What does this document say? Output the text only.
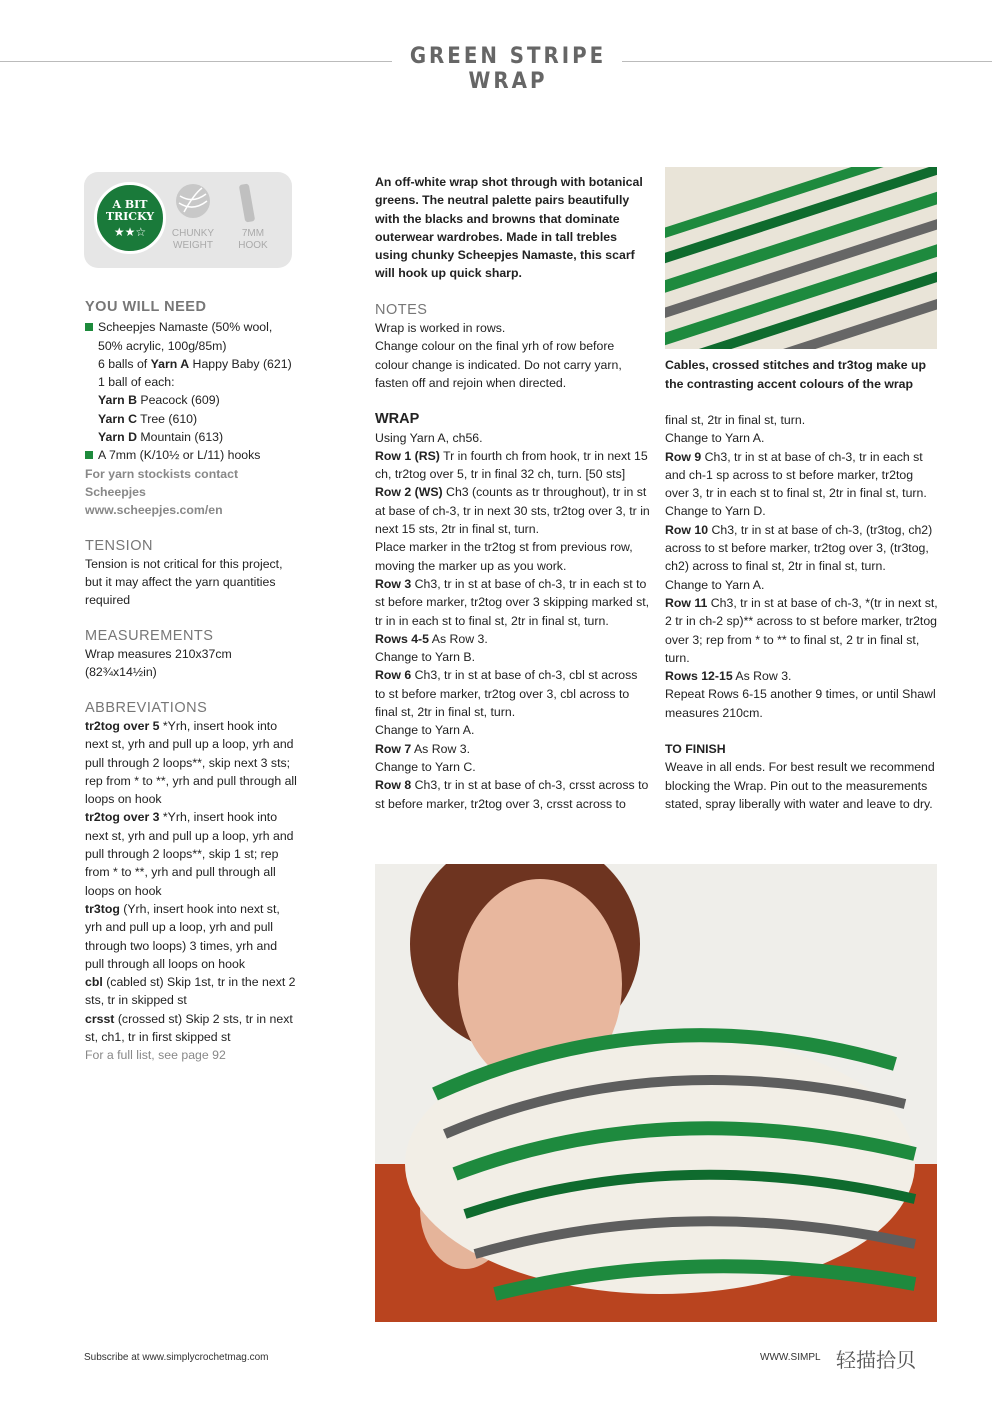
GREEN STRIPE WRAP
A BIT TRICKY
★★☆	CHUNKY WEIGHT
7MM HOOK

YOU WILL NEED

Scheepjes Namaste (50% wool,

50% acrylic, 100g/85m)

6 balls of Yarn A Happy Baby (621)

1 ball of each:

Yarn B Peacock (609)

Yarn C Tree (610)

Yarn D Mountain (613)

A 7mm (K/10½ or L/11) hooks

For yarn stockists contact

Scheepjes

www.scheepjes.com/en

TENSION

Tension is not critical for this project, but it may affect the yarn quantities required

MEASUREMENTS

Wrap measures 210x37cm

(82¾x14½in)

ABBREVIATIONS

tr2tog over 5 *Yrh, insert hook into next st, yrh and pull up a loop, yrh and pull through 2 loops**, skip next 3 sts; rep from * to **, yrh and pull through all loops on hook

tr2tog over 3 *Yrh, insert hook into next st, yrh and pull up a loop, yrh and pull through 2 loops**, skip 1 st; rep from * to **, yrh and pull through all loops on hook

tr3tog (Yrh, insert hook into next st, yrh and pull up a loop, yrh and pull through two loops) 3 times, yrh and pull through all loops on hook

cbl (cabled st) Skip 1st, tr in the next 2 sts, tr in skipped st

crsst (crossed st) Skip 2 sts, tr in next st, ch1, tr in first skipped st

For a full list, see page 92

An off-white wrap shot through with botanical greens. The neutral palette pairs beautifully with the blacks and browns that dominate outerwear wardrobes. Made in tall trebles using chunky Scheepjes Namaste, this scarf will hook up quick sharp.

NOTES

Wrap is worked in rows.

Change colour on the final yrh of row before colour change is indicated. Do not carry yarn, fasten off and rejoin when directed.

WRAP

Using Yarn A, ch56.

Row 1 (RS) Tr in fourth ch from hook, tr in next 15 ch, tr2tog over 5, tr in final 32 ch, turn. [50 sts]

Row 2 (WS) Ch3 (counts as tr throughout), tr in st at base of ch-3, tr in next 30 sts, tr2tog over 3, tr in next 15 sts, 2tr in final st, turn.

Place marker in the tr2tog st from previous row, moving the marker up as you work.

Row 3 Ch3, tr in st at base of ch-3, tr in each st to st before marker, tr2tog over 3 skipping marked st, tr in in each st to final st, 2tr in final st, turn.

Rows 4-5 As Row 3.

Change to Yarn B.

Row 6 Ch3, tr in st at base of ch-3, cbl st across to st before marker, tr2tog over 3, cbl across to final st, 2tr in final st, turn.

Change to Yarn A.

Row 7 As Row 3.

Change to Yarn C.

Row 8 Ch3, tr in st at base of ch-3, crsst across to st before marker, tr2tog over 3, crsst across to

Cables, crossed stitches and tr3tog make up the contrasting accent colours of the wrap

final st, 2tr in final st, turn.

Change to Yarn A.

Row 9 Ch3, tr in st at base of ch-3, tr in each st and ch-1 sp across to st before marker, tr2tog over 3, tr in each st to final st, 2tr in final st, turn.

Change to Yarn D.

Row 10 Ch3, tr in st at base of ch-3, (tr3tog, ch2) across to st before marker, tr2tog over 3, (tr3tog, ch2) across to final st, 2tr in final st, turn.

Change to Yarn A.

Row 11 Ch3, tr in st at base of ch-3, *(tr in next st, 2 tr in ch-2 sp)** across to st before marker, tr2tog over 3; rep from * to ** to final st, 2 tr in final st, turn.

Rows 12-15 As Row 3.

Repeat Rows 6-15 another 9 times, or until Shawl measures 210cm.

TO FINISH

Weave in all ends. For best result we recommend blocking the Wrap. Pin out to the measurements stated, spray liberally with water and leave to dry.

Subscribe at www.simplycrochetmag.com	WWW.SIMPL 轻描拾贝
